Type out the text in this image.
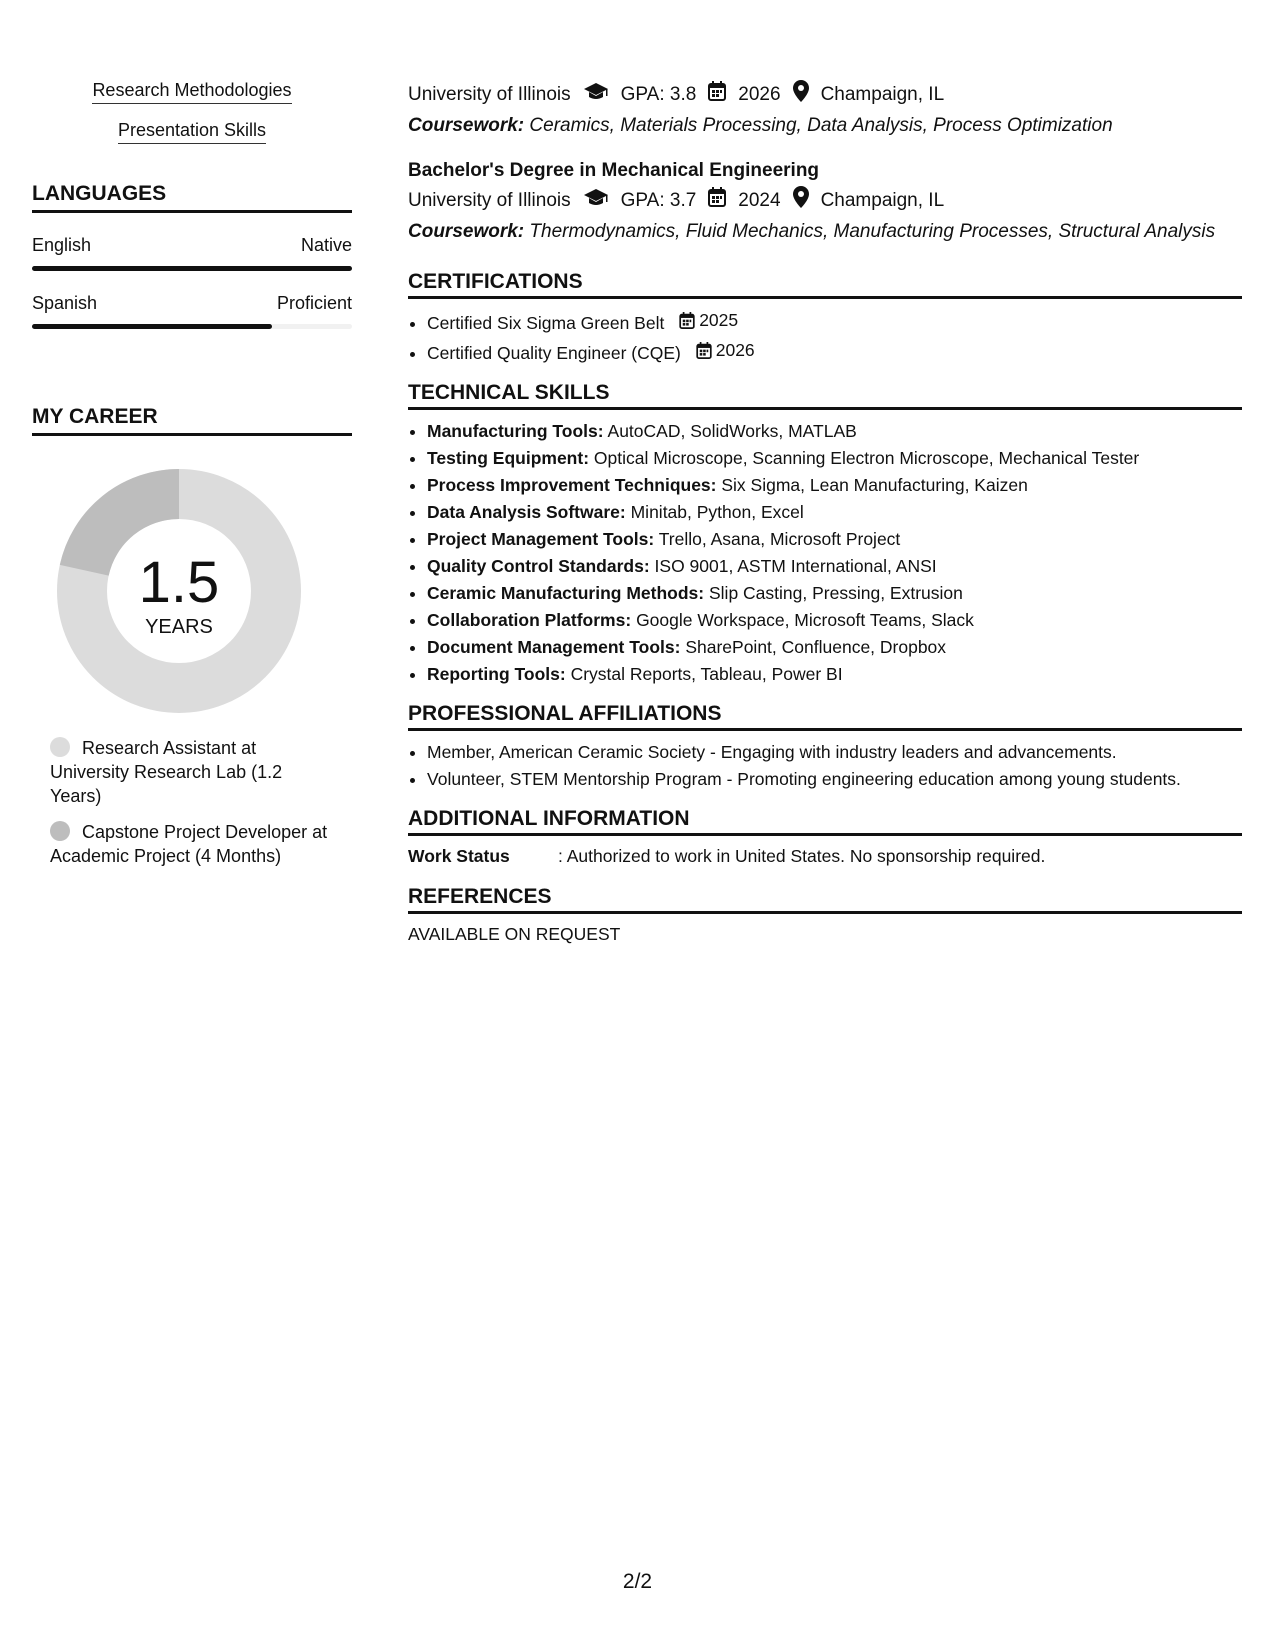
Research Methodologies
Presentation Skills
LANGUAGES
English	Native
Spanish	Proficient
MY CAREER
1.5
YEARS
Research Assistant at University Research Lab (1.2 Years)
Capstone Project Developer at Academic Project (4 Months)
University of Illinois	GPA: 3.8 2026 Champaign, IL
Coursework: Ceramics, Materials Processing, Data Analysis, Process Optimization
Bachelor's Degree in Mechanical Engineering
University of Illinois	GPA: 3.7 2024 Champaign, IL
Coursework: Thermodynamics, Fluid Mechanics, Manufacturing Processes, Structural Analysis
CERTIFICATIONS
• Certified Six Sigma Green Belt 2025
• Certified Quality Engineer (CQE) 2026
TECHNICAL SKILLS
• Manufacturing Tools: AutoCAD, SolidWorks, MATLAB
• Testing Equipment: Optical Microscope, Scanning Electron Microscope, Mechanical Tester
• Process Improvement Techniques: Six Sigma, Lean Manufacturing, Kaizen
• Data Analysis Software: Minitab, Python, Excel
• Project Management Tools: Trello, Asana, Microsoft Project
• Quality Control Standards: ISO 9001, ASTM International, ANSI
• Ceramic Manufacturing Methods: Slip Casting, Pressing, Extrusion
• Collaboration Platforms: Google Workspace, Microsoft Teams, Slack
• Document Management Tools: SharePoint, Confluence, Dropbox
• Reporting Tools: Crystal Reports, Tableau, Power BI
PROFESSIONAL AFFILIATIONS
• Member, American Ceramic Society - Engaging with industry leaders and advancements.
• Volunteer, STEM Mentorship Program - Promoting engineering education among young students.
ADDITIONAL INFORMATION
Work Status	: Authorized to work in United States. No sponsorship required.
REFERENCES
AVAILABLE ON REQUEST
2/2
